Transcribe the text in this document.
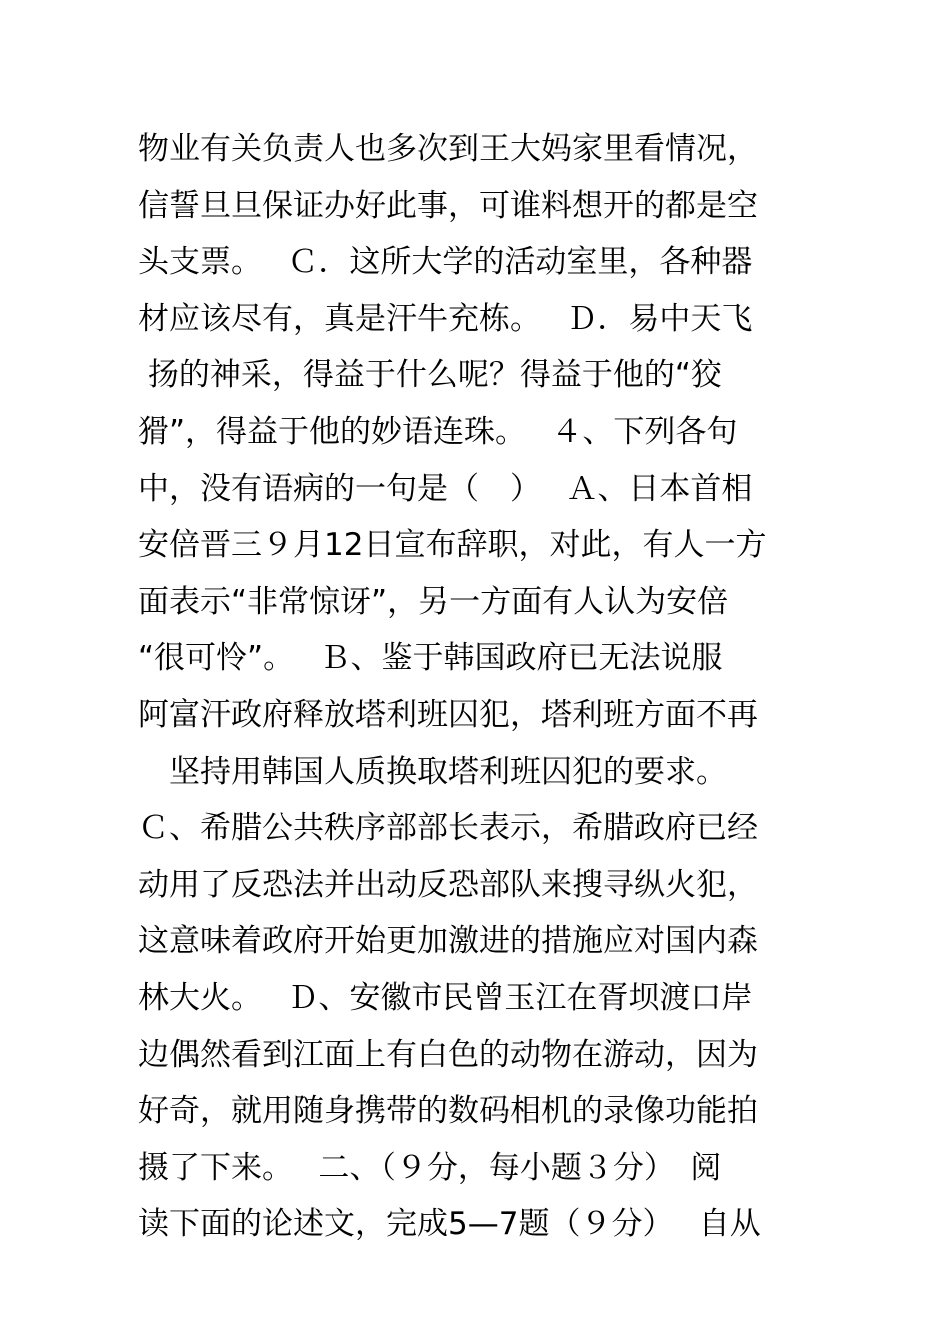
物业有关负责人也多次到王大妈家里看情况，
信誓旦旦保证办好此事，可谁料想开的都是空
头支票。　 Ｃ．这所大学的活动室里，各种器
材应该尽有，真是汗牛充栋。　 Ｄ．易中天飞
扬的神采，得益于什么呢？得益于他的“狡
猾”，得益于他的妙语连珠。　 ４、下列各句
中，没有语病的一句是（　）　 Ａ、日本首相
安倍晋三９月12日宣布辞职，对此，有人一方
面表示“非常惊讶”，另一方面有人认为安倍
“很可怜”。　 Ｂ、鉴于韩国政府已无法说服
阿富汗政府释放塔利班囚犯，塔利班方面不再
　坚持用韩国人质换取塔利班囚犯的要求。
Ｃ、希腊公共秩序部部长表示，希腊政府已经
动用了反恐法并出动反恐部队来搜寻纵火犯，
这意味着政府开始更加激进的措施应对国内森
林大火。　 Ｄ、安徽市民曾玉江在胥坝渡口岸
边偶然看到江面上有白色的动物在游动，因为
好奇，就用随身携带的数码相机的录像功能拍
摄了下来。　 二、（９分，每小题３分）　阅
读下面的论述文，完成5—7题（９分）　 自从
